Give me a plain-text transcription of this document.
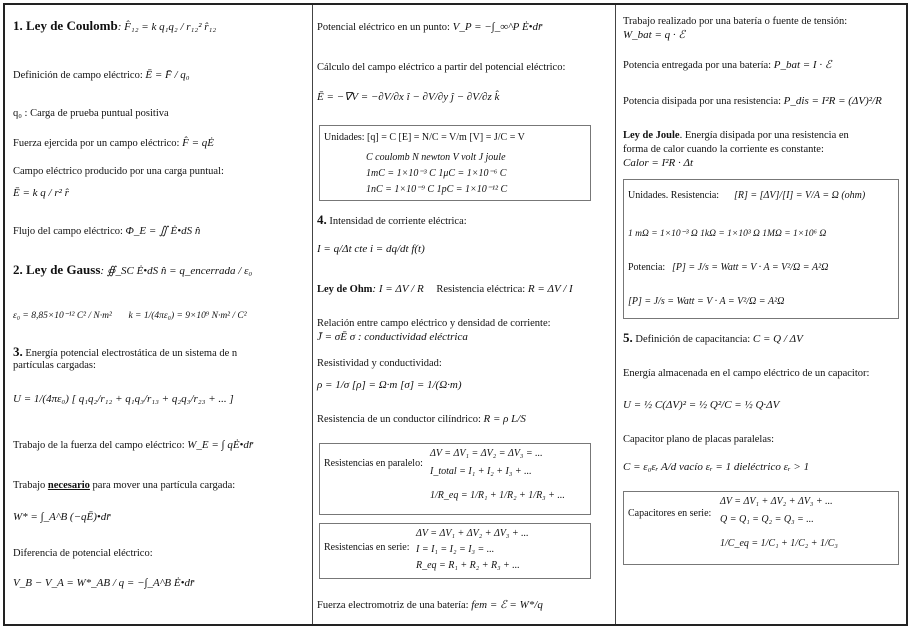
1. Ley de Coulomb: F̂₁₂ = k q₁q₂ / r₁₂² r̂₁₂
Definición de campo eléctrico: Ē = F̄ / q₀
q₀ : Carga de prueba puntual positiva
Fuerza ejercida por un campo eléctrico: F̂ = qĖ
Campo eléctrico producido por una carga puntual:
Ē = k q / r² r̂
Flujo del campo eléctrico: Φ_E = ∬ Ė•dS n̂
2. Ley de Gauss: ∯_SC Ė•dS n̂ = q_encerrada / ε₀
ε₀ = 8,85×10⁻¹² C² / N·m² k = 1/(4πε₀) = 9×10⁹ N·m² / C²
3. Energía potencial electrostática de un sistema de n
partículas cargadas:
U = 1/(4πε₀) [ q₁q₂/r₁₂ + q₁q₃/r₁₃ + q₂q₃/r₂₃ + ... ]
Trabajo de la fuerza del campo eléctrico: W_E = ∫ qĖ•dr̄
Trabajo necesario para mover una partícula cargada:
W* = ∫_A^B (−qĒ)•dr̄
Diferencia de potencial eléctrico:
V_B − V_A = W*_AB / q = −∫_A^B Ė•dr̄
Potencial eléctrico en un punto: V_P = −∫_∞^P Ė•dr̄
Cálculo del campo eléctrico a partir del potencial eléctrico:
Ē = −∇V = −∂V/∂x î − ∂V/∂y ĵ − ∂V/∂z k̂
Unidades: [q] = C [E] = N/C = V/m [V] = J/C = V
C coulomb N newton V volt J joule
1mC = 1×10⁻³ C 1μC = 1×10⁻⁶ C
1nC = 1×10⁻⁹ C 1pC = 1×10⁻¹² C
4. Intensidad de corriente eléctrica:
I = q/Δt cte i = dq/dt f(t)
Ley de Ohm: I = ΔV / R Resistencia eléctrica: R = ΔV / I
Relación entre campo eléctrico y densidad de corriente:
J̄ = σĒ σ : conductividad eléctrica
Resistividad y conductividad:
ρ = 1/σ [ρ] = Ω·m [σ] = 1/(Ω·m)
Resistencia de un conductor cilíndrico: R = ρ L/S
Resistencias en paralelo:
ΔV = ΔV₁ = ΔV₂ = ΔV₃ = ...
I_total = I₁ + I₂ + I₃ + ...
1/R_eq = 1/R₁ + 1/R₂ + 1/R₃ + ...
Resistencias en serie:
ΔV = ΔV₁ + ΔV₂ + ΔV₃ + ...
I = I₁ = I₂ = I₃ = ...
R_eq = R₁ + R₂ + R₃ + ...
Fuerza electromotriz de una batería: fem = ℰ = W*/q
Trabajo realizado por una batería o fuente de tensión:
W_bat = q · ℰ
Potencia entregada por una batería: P_bat = I · ℰ
Potencia disipada por una resistencia: P_dis = I²R = (ΔV)²/R
Ley de Joule. Energía disipada por una resistencia en
forma de calor cuando la corriente es constante:
Calor = I²R · Δt
Unidades. Resistencia: [R] = [ΔV]/[I] = V/A = Ω (ohm)
1 mΩ = 1×10⁻³ Ω 1kΩ = 1×10³ Ω 1MΩ = 1×10⁶ Ω
Potencia: [P] = J/s = Watt = V · A = V²/Ω = A²Ω
[P] = J/s = Watt = V · A = V²/Ω = A²Ω
5. Definición de capacitancia: C = Q / ΔV
Energía almacenada en el campo eléctrico de un capacitor:
U = ½ C(ΔV)² = ½ Q²/C = ½ Q·ΔV
Capacitor plano de placas paralelas:
C = ε₀εᵣ A/d vacío εᵣ = 1 dieléctrico εᵣ > 1
Capacitores en serie:
ΔV = ΔV₁ + ΔV₂ + ΔV₃ + ...
Q = Q₁ = Q₂ = Q₃ = ...
1/C_eq = 1/C₁ + 1/C₂ + 1/C₃
